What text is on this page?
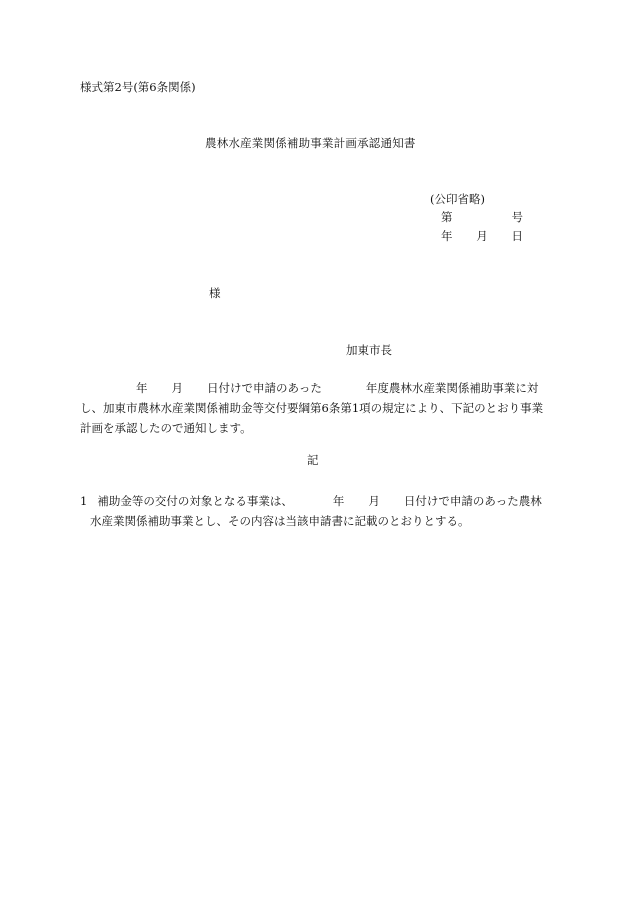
様式第2号(第6条関係)
農林水産業関係補助事業計画承認通知書
(公印省略)
第	号
年 月 日
様
加東市長
年 月 日付けで申請のあった	年度農林水産業関係補助事業に対
し、加東市農林水産業関係補助金等交付要綱第6条第1項の規定により、下記のとおり事業
計画を承認したので通知します。
記
1 補助金等の交付の対象となる事業は、	年 月 日付けで申請のあった農林
水産業関係補助事業とし、その内容は当該申請書に記載のとおりとする。
